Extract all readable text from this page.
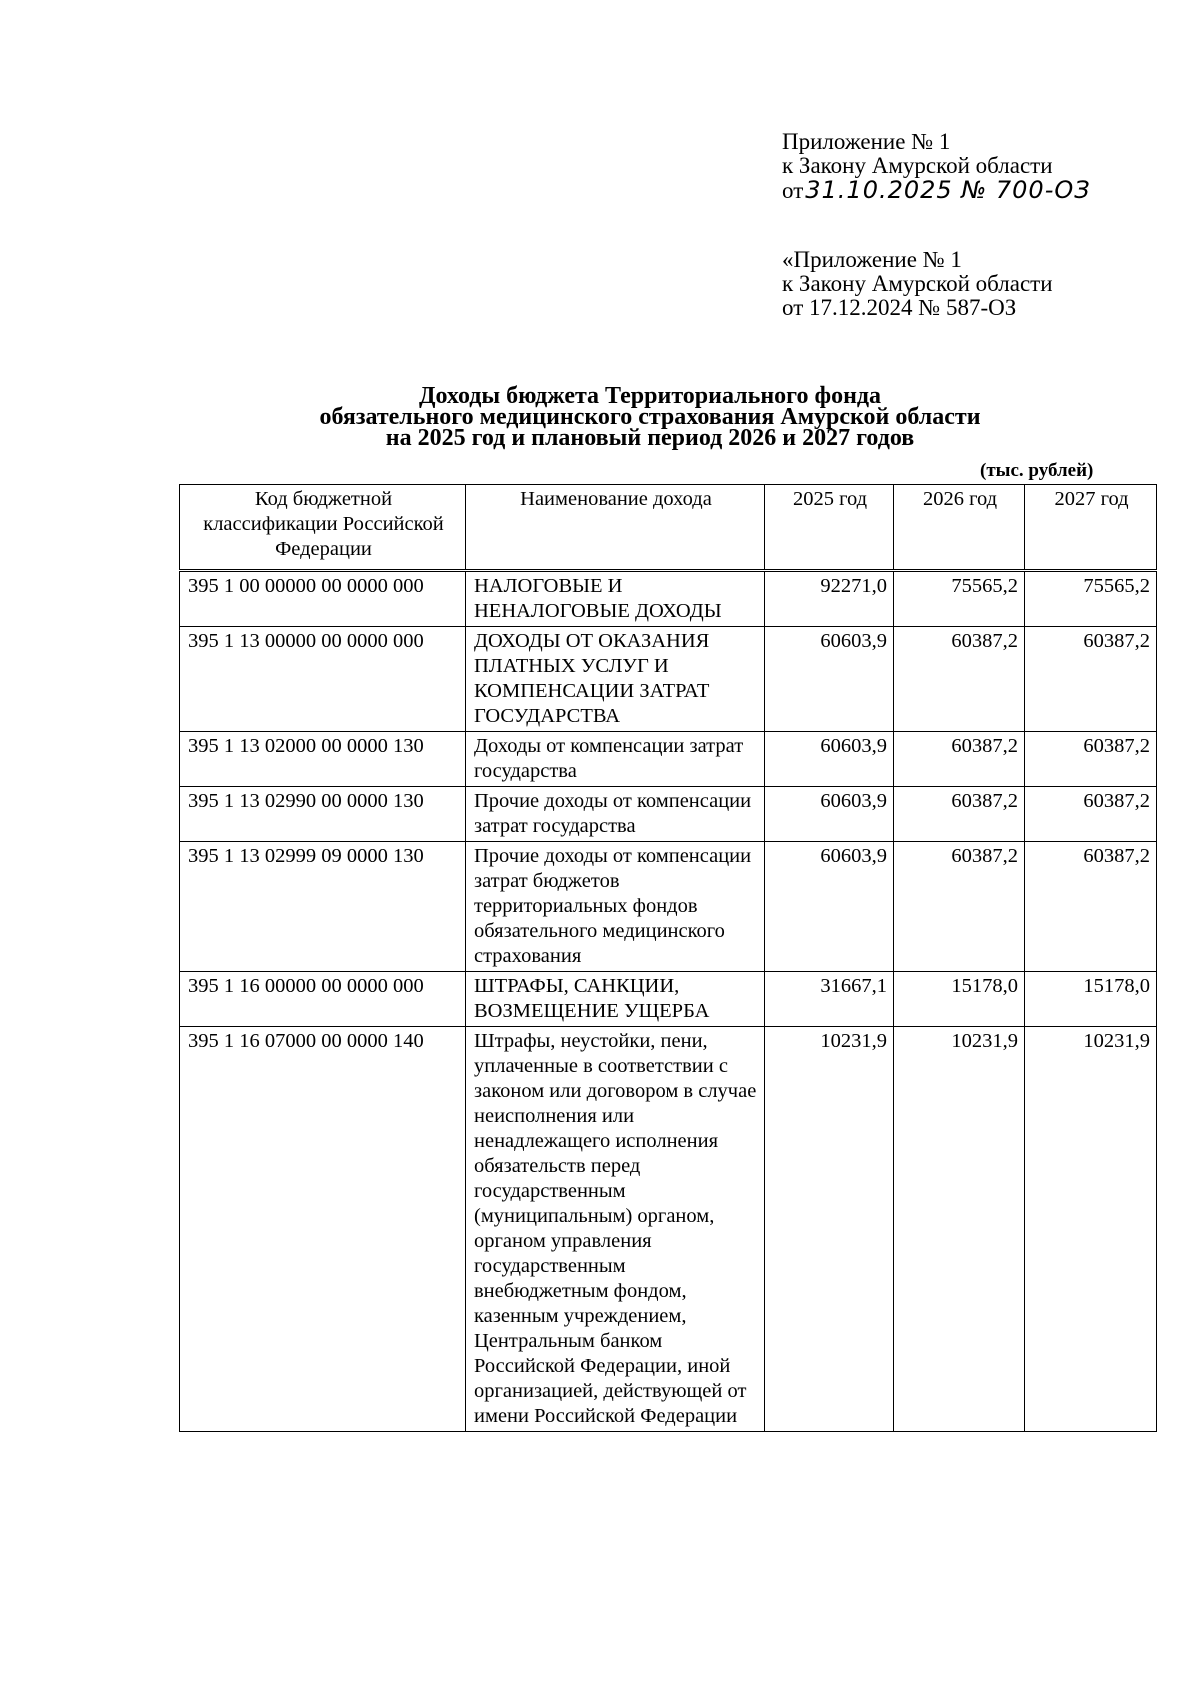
Приложение № 1
к Закону Амурской области
от31.10.2025 № 700-ОЗ
«Приложение № 1
к Закону Амурской области
от 17.12.2024 № 587-ОЗ
Доходы бюджета Территориального фонда
обязательного медицинского страхования Амурской области
на 2025 год и плановый период 2026 и 2027 годов
(тыс. рублей)
Код бюджетной классификации Российской Федерации	Наименование дохода	2025 год	2026 год	2027 год
395 1 00 00000 00 0000 000	НАЛОГОВЫЕ И НЕНАЛОГОВЫЕ ДОХОДЫ	92271,0	75565,2	75565,2
395 1 13 00000 00 0000 000	ДОХОДЫ ОТ ОКАЗАНИЯ ПЛАТНЫХ УСЛУГ И КОМПЕНСАЦИИ ЗАТРАТ ГОСУДАРСТВА	60603,9	60387,2	60387,2
395 1 13 02000 00 0000 130	Доходы от компенсации затрат государства	60603,9	60387,2	60387,2
395 1 13 02990 00 0000 130	Прочие доходы от компенсации затрат государства	60603,9	60387,2	60387,2
395 1 13 02999 09 0000 130	Прочие доходы от компенсации затрат бюджетов территориальных фондов обязательного медицинского страхования	60603,9	60387,2	60387,2
395 1 16 00000 00 0000 000	ШТРАФЫ, САНКЦИИ, ВОЗМЕЩЕНИЕ УЩЕРБА	31667,1	15178,0	15178,0
395 1 16 07000 00 0000 140	Штрафы, неустойки, пени, уплаченные в соответствии с законом или договором в случае неисполнения или ненадлежащего исполнения обязательств перед государственным (муниципальным) органом, органом управления государственным внебюджетным фондом, казенным учреждением, Центральным банком Российской Федерации, иной организацией, действующей от имени Российской Федерации	10231,9	10231,9	10231,9
